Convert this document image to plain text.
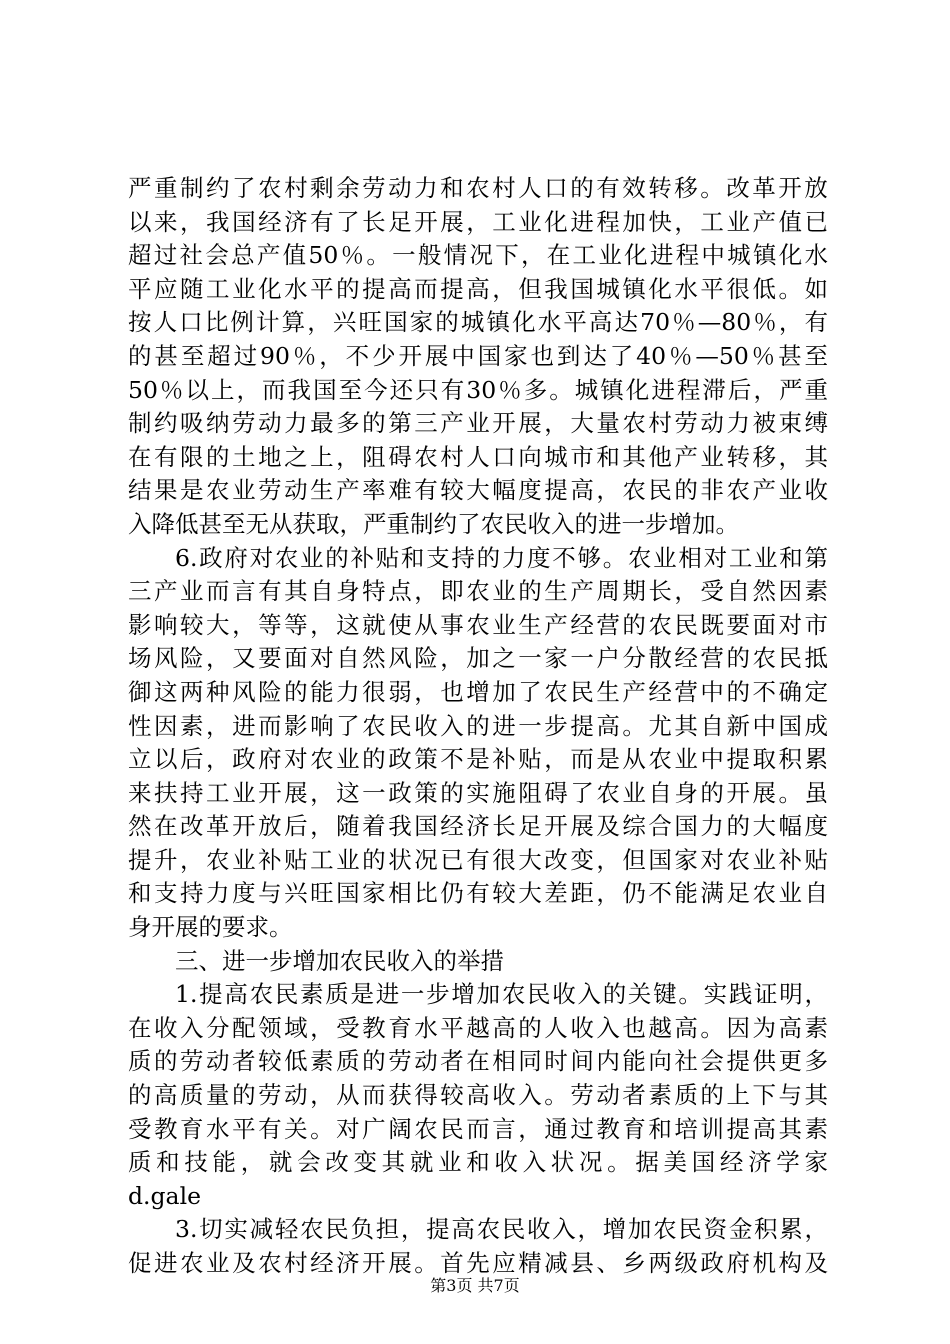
严重制约了农村剩余劳动力和农村人口的有效转移。改革开放
以来，我国经济有了长足开展，工业化进程加快，工业产值已
超过社会总产值50％。一般情况下，在工业化进程中城镇化水
平应随工业化水平的提高而提高，但我国城镇化水平很低。如
按人口比例计算，兴旺国家的城镇化水平高达70％—80％，有
的甚至超过90％，不少开展中国家也到达了40％—50％甚至
50％以上，而我国至今还只有30％多。城镇化进程滞后，严重
制约吸纳劳动力最多的第三产业开展，大量农村劳动力被束缚
在有限的土地之上，阻碍农村人口向城市和其他产业转移，其
结果是农业劳动生产率难有较大幅度提高，农民的非农产业收
入降低甚至无从获取，严重制约了农民收入的进一步增加。
6.政府对农业的补贴和支持的力度不够。农业相对工业和第
三产业而言有其自身特点，即农业的生产周期长，受自然因素
影响较大，等等，这就使从事农业生产经营的农民既要面对市
场风险，又要面对自然风险，加之一家一户分散经营的农民抵
御这两种风险的能力很弱，也增加了农民生产经营中的不确定
性因素，进而影响了农民收入的进一步提高。尤其自新中国成
立以后，政府对农业的政策不是补贴，而是从农业中提取积累
来扶持工业开展，这一政策的实施阻碍了农业自身的开展。虽
然在改革开放后，随着我国经济长足开展及综合国力的大幅度
提升，农业补贴工业的状况已有很大改变，但国家对农业补贴
和支持力度与兴旺国家相比仍有较大差距，仍不能满足农业自
身开展的要求。
三、进一步增加农民收入的举措
1.提高农民素质是进一步增加农民收入的关键。实践证明，
在收入分配领域，受教育水平越高的人收入也越高。因为高素
质的劳动者较低素质的劳动者在相同时间内能向社会提供更多
的高质量的劳动，从而获得较高收入。劳动者素质的上下与其
受教育水平有关。对广阔农民而言，通过教育和培训提高其素
质和技能，就会改变其就业和收入状况。据美国经济学家
d.gale
3.切实减轻农民负担，提高农民收入，增加农民资金积累，
促进农业及农村经济开展。首先应精减县、乡两级政府机构及
第3页 共7页
